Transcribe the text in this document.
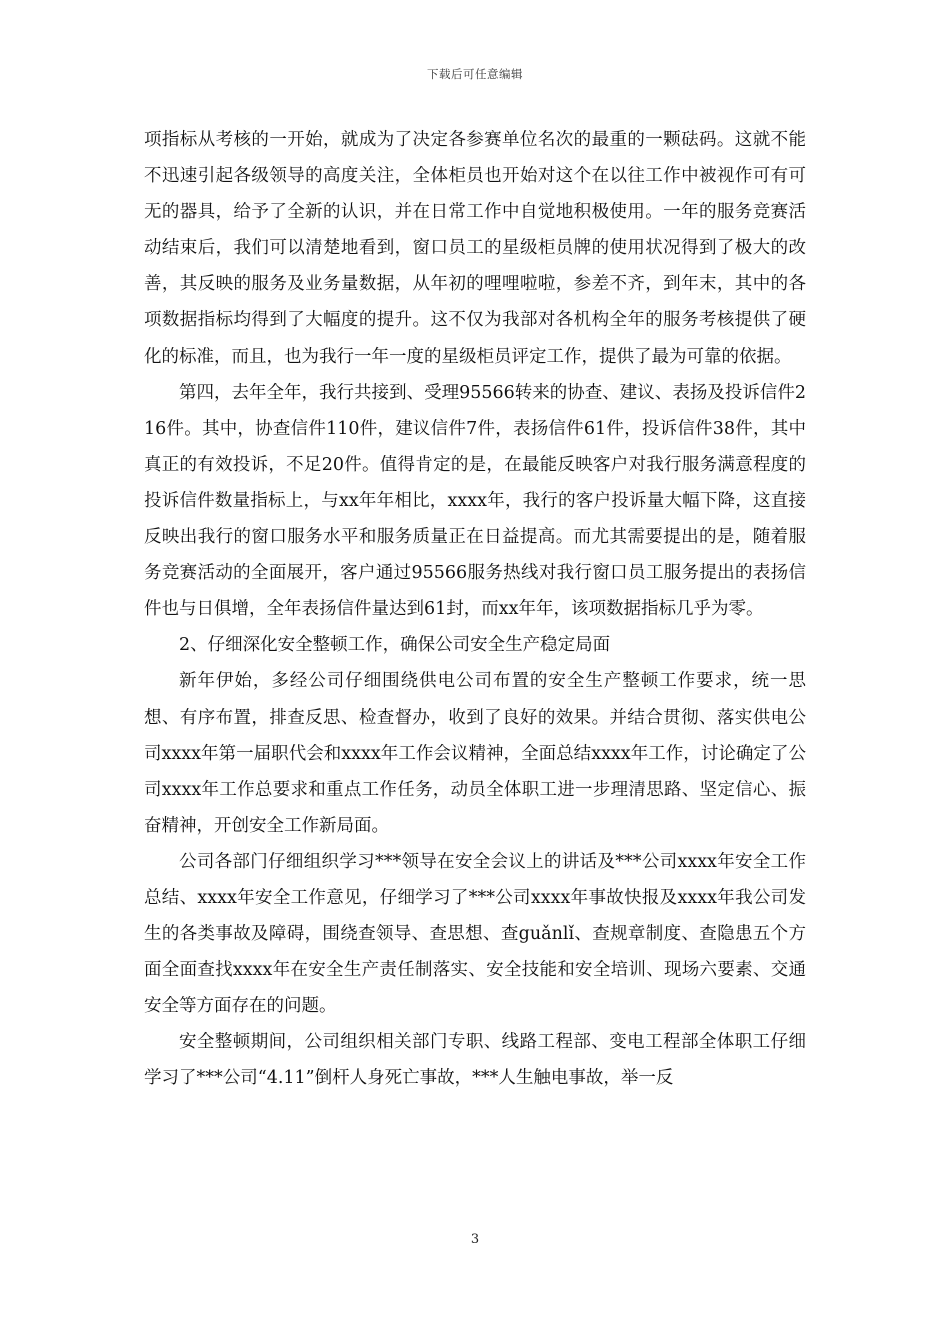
下载后可任意编辑

项指标从考核的一开始，就成为了决定各参赛单位名次的最重的一颗砝码。这就不能不迅速引起各级领导的高度关注，全体柜员也开始对这个在以往工作中被视作可有可无的器具，给予了全新的认识，并在日常工作中自觉地积极使用。一年的服务竞赛活动结束后，我们可以清楚地看到，窗口员工的星级柜员牌的使用状况得到了极大的改善，其反映的服务及业务量数据，从年初的哩哩啦啦，参差不齐，到年末，其中的各项数据指标均得到了大幅度的提升。这不仅为我部对各机构全年的服务考核提供了硬化的标准，而且，也为我行一年一度的星级柜员评定工作，提供了最为可靠的依据。

第四，去年全年，我行共接到、受理95566转来的协查、建议、表扬及投诉信件216件。其中，协查信件110件，建议信件7件，表扬信件61件，投诉信件38件，其中真正的有效投诉，不足20件。值得肯定的是，在最能反映客户对我行服务满意程度的投诉信件数量指标上，与xx年年相比，xxxx年，我行的客户投诉量大幅下降，这直接反映出我行的窗口服务水平和服务质量正在日益提高。而尤其需要提出的是，随着服务竞赛活动的全面展开，客户通过95566服务热线对我行窗口员工服务提出的表扬信件也与日俱增，全年表扬信件量达到61封，而xx年年，该项数据指标几乎为零。

2、仔细深化安全整顿工作，确保公司安全生产稳定局面

新年伊始，多经公司仔细围绕供电公司布置的安全生产整顿工作要求，统一思想、有序布置，排查反思、检查督办，收到了良好的效果。并结合贯彻、落实供电公司xxxx年第一届职代会和xxxx年工作会议精神，全面总结xxxx年工作，讨论确定了公司xxxx年工作总要求和重点工作任务，动员全体职工进一步理清思路、坚定信心、振奋精神，开创安全工作新局面。

公司各部门仔细组织学习***领导在安全会议上的讲话及***公司xxxx年安全工作总结、xxxx年安全工作意见，仔细学习了***公司xxxx年事故快报及xxxx年我公司发生的各类事故及障碍，围绕查领导、查思想、查guǎnlǐ、查规章制度、查隐患五个方面全面查找xxxx年在安全生产责任制落实、安全技能和安全培训、现场六要素、交通安全等方面存在的问题。

安全整顿期间，公司组织相关部门专职、线路工程部、变电工程部全体职工仔细学习了***公司“4.11”倒杆人身死亡事故，***人生触电事故，举一反

3
